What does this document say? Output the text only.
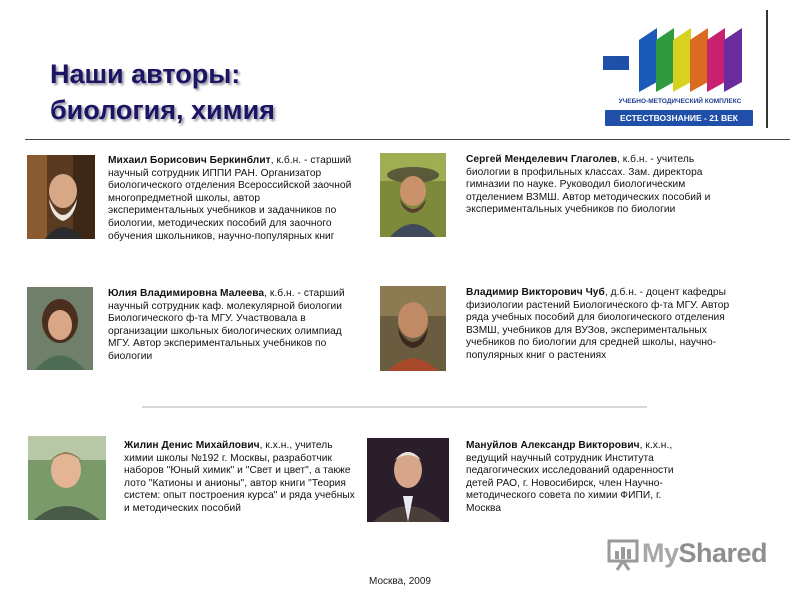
Наши авторы:
биология, химия
БИНОМ
УЧЕБНО-МЕТОДИЧЕСКИЙ КОМПЛЕКС
ЕСТЕСТВОЗНАНИЕ - 21 ВЕК
Михаил Борисович Беркинблит, к.б.н. - старший научный сотрудник ИППИ РАН. Организатор биологического отделения Всероссийской заочной многопредметной школы, автор экспериментальных учебников и задачников по биологии, методических пособий для заочного обучения школьников, научно-популярных книг
Сергей Менделевич Глаголев, к.б.н. - учитель биологии в профильных классах. Зам. директора гимназии по науке. Руководил биологическим отделением ВЗМШ. Автор методических пособий и экспериментальных учебников по биологии
Юлия Владимировна Малеева, к.б.н. - старший научный сотрудник каф. молекулярной биологии Биологического ф-та МГУ. Участвовала в организации школьных биологических олимпиад МГУ. Автор экспериментальных учебников по биологии
Владимир Викторович Чуб, д.б.н. - доцент кафедры физиологии растений Биологического ф-та МГУ. Автор ряда учебных пособий для биологического отделения ВЗМШ, учебников для ВУЗов, экспериментальных учебников по биологии для средней школы, научно-популярных книг о растениях
Жилин Денис Михайлович, к.х.н., учитель химии школы №192 г. Москвы, разработчик наборов "Юный химик" и "Свет и цвет", а также лото "Катионы и анионы", автор книги "Теория систем: опыт построения курса" и ряда учебных и методических пособий
Мануйлов Александр Викторович, к.х.н., ведущий научный сотрудник Института педагогических исследований одаренности детей РАО, г. Новосибирск, член Научно-методического совета по химии ФИПИ, г. Москва
MyShared
Москва, 2009
